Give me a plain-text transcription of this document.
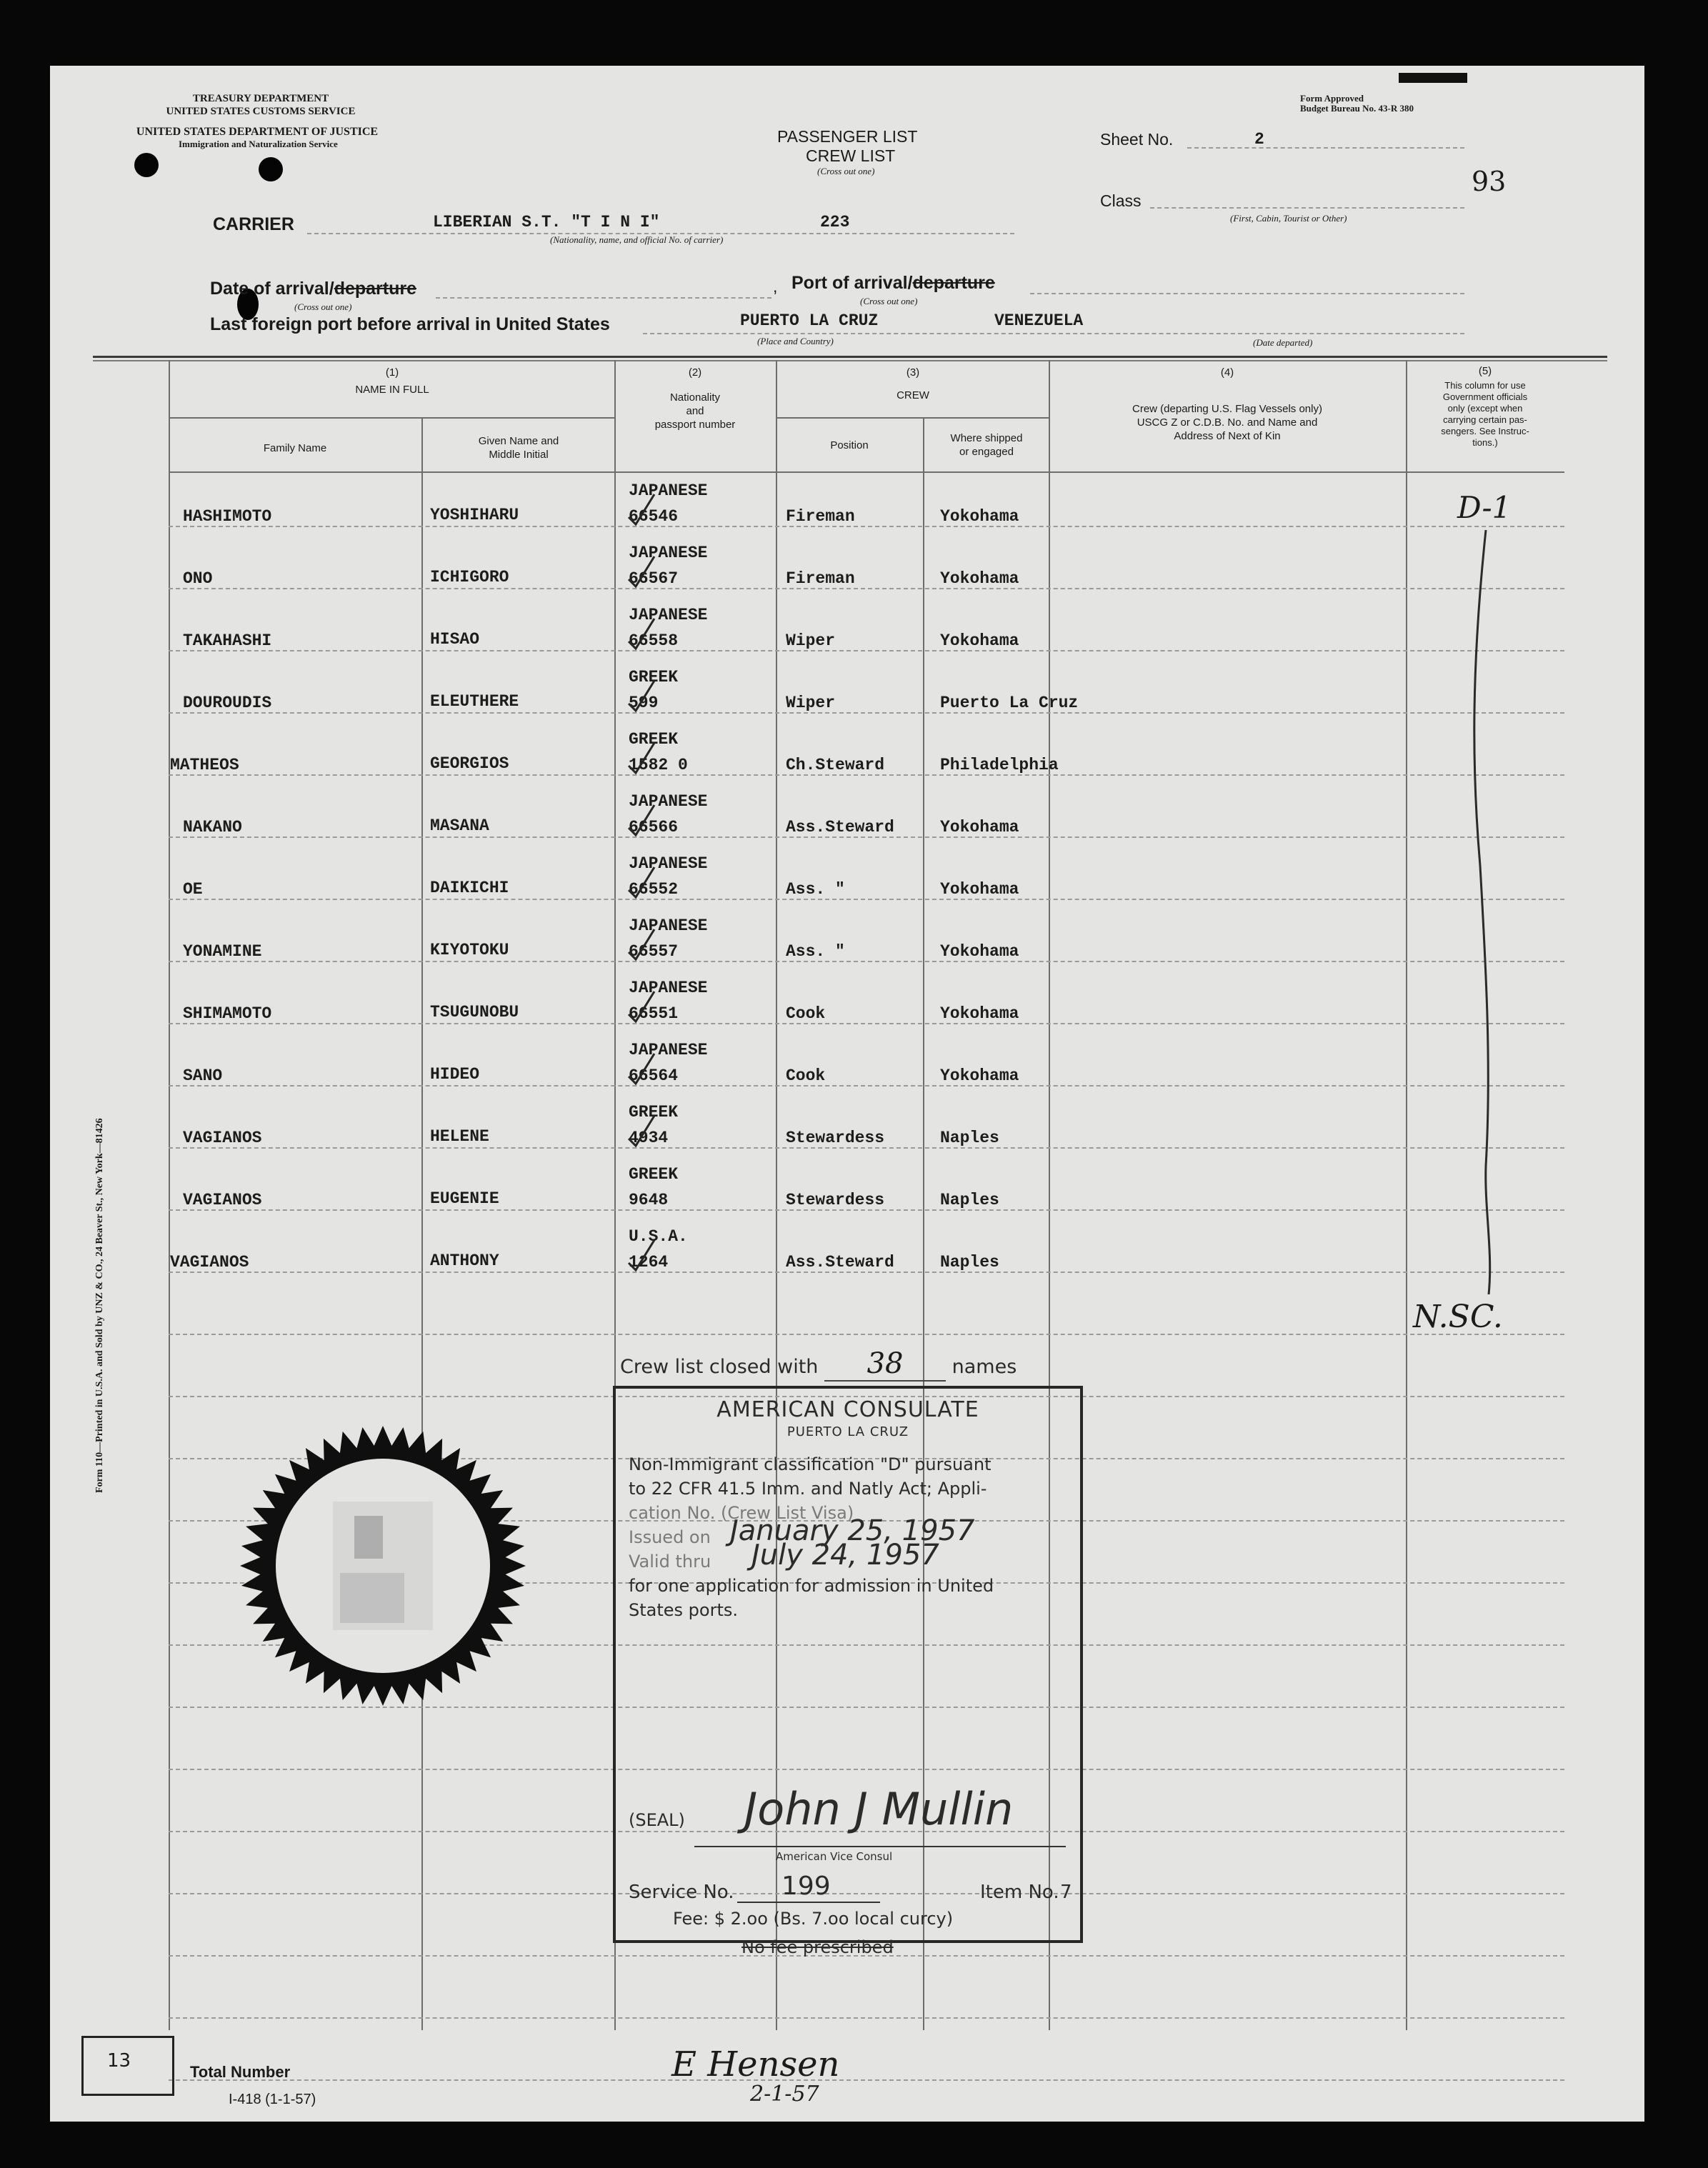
TREASURY DEPARTMENT
UNITED STATES CUSTOMS SERVICE
UNITED STATES DEPARTMENT OF JUSTICE
Immigration and Naturalization Service
Form Approved
Budget Bureau No. 43-R 380
PASSENGER LIST
CREW LIST
(Cross out one)
Sheet No.	2
93
Class
(First, Cabin, Tourist or Other)
CARRIER	LIBERIAN S.T. "T I N I"	223
(Nationality, name, and official No. of carrier)
Date of arrival/departure
(Cross out one)
, Port of arrival/departure
(Cross out one)
Last foreign port before arrival in United States	PUERTO LA CRUZ	VENEZUELA
(Place and Country)	(Date departed)
(1)
NAME IN FULL
Family Name
Given Name and
Middle Initial
(2)
Nationality
and
passport number
(3)
CREW
Position
Where shipped
or engaged
(4)
Crew (departing U.S. Flag Vessels only)
USCG Z or C.D.B. No. and Name and
Address of Next of Kin
(5)
This column for use
Government officials
only (except when
carrying certain pas-
sengers. See Instruc-
tions.)
HASHIMOTO	YOSHIHARU
JAPANESE
66546	Fireman	Yokohama
ONO	ICHIGORO
JAPANESE
66567	Fireman	Yokohama
TAKAHASHI	HISAO
JAPANESE
66558	Wiper	Yokohama
DOUROUDIS	ELEUTHERE
GREEK
599	Wiper	Puerto La Cruz
MATHEOS	GEORGIOS
GREEK
1582 0	Ch.Steward	Philadelphia
NAKANO	MASANA
JAPANESE
66566	Ass.Steward	Yokohama
OE	DAIKICHI
JAPANESE
66552	Ass. "	Yokohama
YONAMINE	KIYOTOKU
JAPANESE
66557	Ass. "	Yokohama
SHIMAMOTO	TSUGUNOBU
JAPANESE
66551	Cook	Yokohama
SANO	HIDEO
JAPANESE
66564	Cook	Yokohama
VAGIANOS	HELENE
GREEK
4934	Stewardess	Naples
VAGIANOS	EUGENIE
GREEK
9648	Stewardess	Naples
VAGIANOS	ANTHONY
U.S.A.
1264	Ass.Steward	Naples
D-1
N.SC.
Crew list closed with 38	names
AMERICAN CONSULATE
PUERTO LA CRUZ
Non-Immigrant classification "D" pursuant
to 22 CFR 41.5 Imm. and Natly Act; Appli-
cation No. (Crew List Visa)
Issued on January 25, 1957
Valid thru July 24, 1957
for one application for admission in United
States ports.
(SEAL) John J Mullin
American Vice Consul
Service No. 199	Item No. 7
Fee: $ 2.oo (Bs. 7.oo local curcy)
No fee prescribed
Form 110—Printed in U.S.A. and Sold by UNZ & CO., 24 Beaver St., New York—81426
13
Total Number
I-418 (1-1-57)
E Hensen
2-1-57
